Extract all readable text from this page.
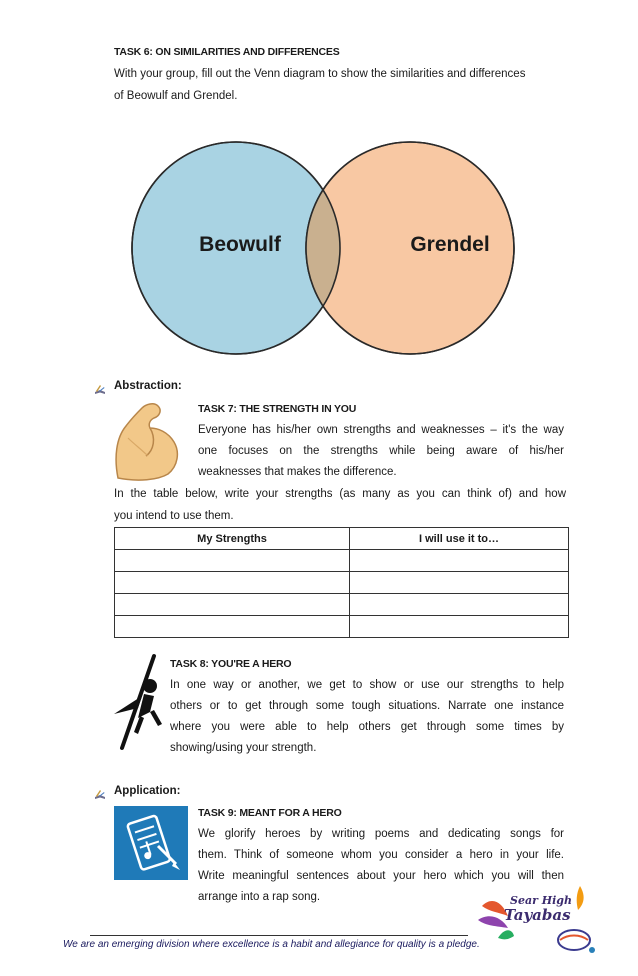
TASK 6: ON SIMILARITIES AND DIFFERENCES
With your group, fill out the Venn diagram to show the similarities and differences
of Beowulf and Grendel.
Beowulf	Grendel
Abstraction:
TASK 7: THE STRENGTH IN YOU
Everyone has his/her own strengths and weaknesses – it's the way
one focuses on the strengths while being aware of his/her
weaknesses that makes the difference.
In the table below, write your strengths (as many as you can think of) and how
you intend to use them.
My Strengths	I will use it to…

TASK 8: YOU'RE A HERO
In one way or another, we get to show or use our strengths to help
others or to get through some tough situations. Narrate one instance
where you were able to help others get through some times by
showing/using your strength.
Application:
TASK 9: MEANT FOR A HERO
We glorify heroes by writing poems and dedicating songs for
them. Think of someone whom you consider a hero in your life.
Write meaningful sentences about your hero which you will then
arrange into a rap song.	Sear High
Tayabas
We are an emerging division where excellence is a habit and allegiance for quality is a pledge.
